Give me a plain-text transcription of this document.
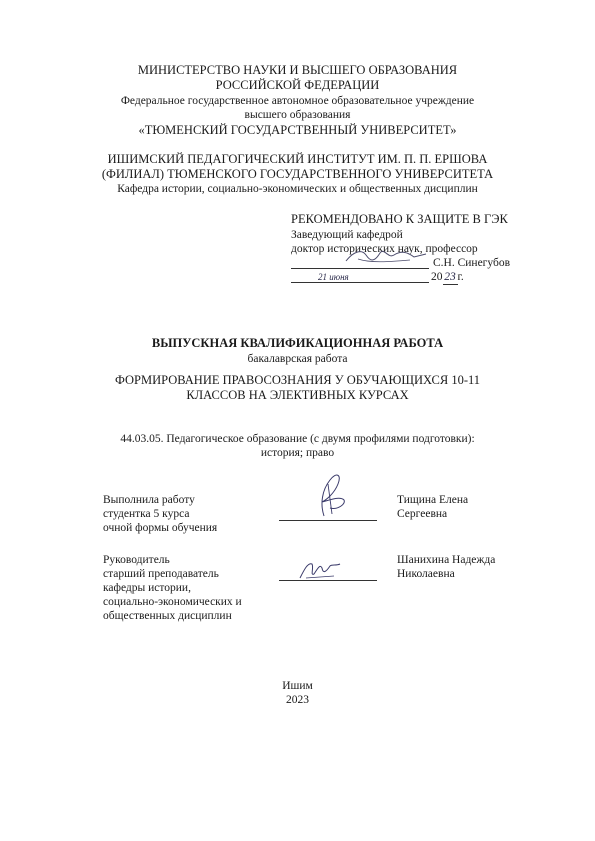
МИНИСТЕРСТВО НАУКИ И ВЫСШЕГО ОБРАЗОВАНИЯ
РОССИЙСКОЙ ФЕДЕРАЦИИ
Федеральное государственное автономное образовательное учреждение
высшего образования
«ТЮМЕНСКИЙ ГОСУДАРСТВЕННЫЙ УНИВЕРСИТЕТ»
ИШИМСКИЙ ПЕДАГОГИЧЕСКИЙ ИНСТИТУТ ИМ. П. П. ЕРШОВА
(ФИЛИАЛ) ТЮМЕНСКОГО ГОСУДАРСТВЕННОГО УНИВЕРСИТЕТА
Кафедра истории, социально-экономических и общественных дисциплин
РЕКОМЕНДОВАНО К ЗАЩИТЕ В ГЭК
Заведующий кафедрой
доктор исторических наук, профессор
С.Н. Синегубов
21 июня	20 23 г.
ВЫПУСКНАЯ КВАЛИФИКАЦИОННАЯ РАБОТА
бакалаврская работа
ФОРМИРОВАНИЕ ПРАВОСОЗНАНИЯ У ОБУЧАЮЩИХСЯ 10-11
КЛАССОВ НА ЭЛЕКТИВНЫХ КУРСАХ
44.03.05. Педагогическое образование (с двумя профилями подготовки):
история; право
Выполнила работу
студентка 5 курса
очной формы обучения
Тищина Елена
Сергеевна
Руководитель
старший преподаватель
кафедры истории,
социально-экономических и
общественных дисциплин
Шанихина Надежда
Николаевна
Ишим
2023
